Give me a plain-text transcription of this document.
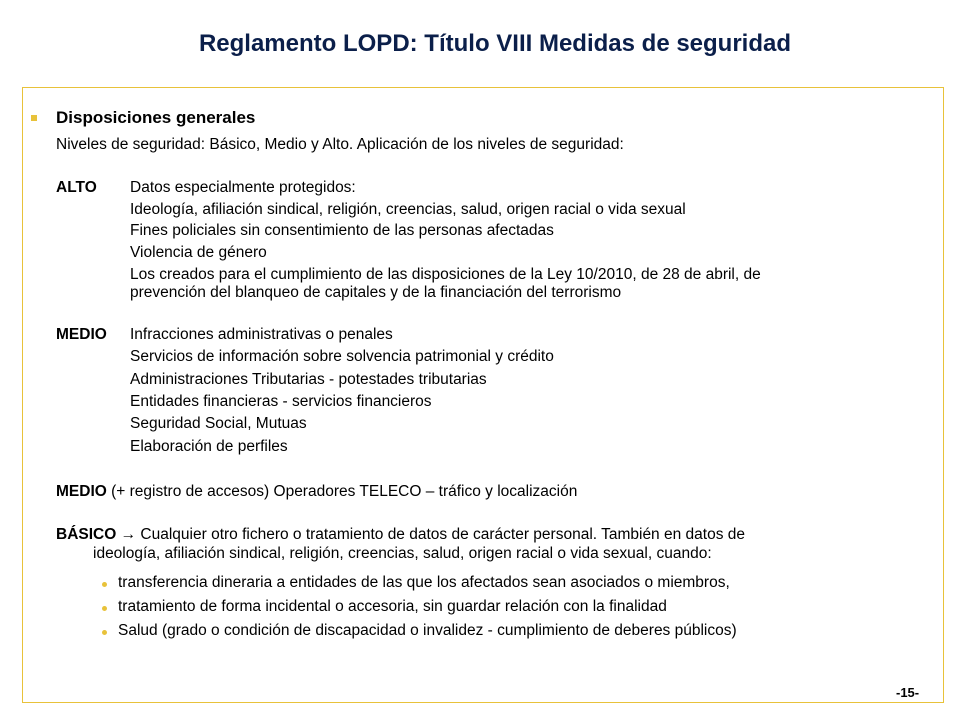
Reglamento LOPD: Título VIII Medidas de seguridad
Disposiciones generales
Niveles de seguridad: Básico, Medio y Alto. Aplicación de los niveles de seguridad:
ALTO Datos especialmente protegidos:
Ideología, afiliación sindical, religión, creencias, salud, origen racial o vida sexual
Fines policiales sin consentimiento de las personas afectadas
Violencia de género
Los creados para el cumplimiento de las disposiciones de la Ley 10/2010, de 28 de abril, de
prevención del blanqueo de capitales y de la financiación del terrorismo
MEDIO Infracciones administrativas o penales
Servicios de información sobre solvencia patrimonial y crédito
Administraciones Tributarias - potestades tributarias
Entidades financieras - servicios financieros
Seguridad Social, Mutuas
Elaboración de perfiles
MEDIO (+ registro de accesos) Operadores TELECO – tráfico y localización
BÁSICO → Cualquier otro fichero o tratamiento de datos de carácter personal. También en datos de
ideología, afiliación sindical, religión, creencias, salud, origen racial o vida sexual, cuando:
transferencia dineraria a entidades de las que los afectados sean asociados o miembros,
tratamiento de forma incidental o accesoria, sin guardar relación con la finalidad
Salud (grado o condición de discapacidad o invalidez - cumplimiento de deberes públicos)
-15-
